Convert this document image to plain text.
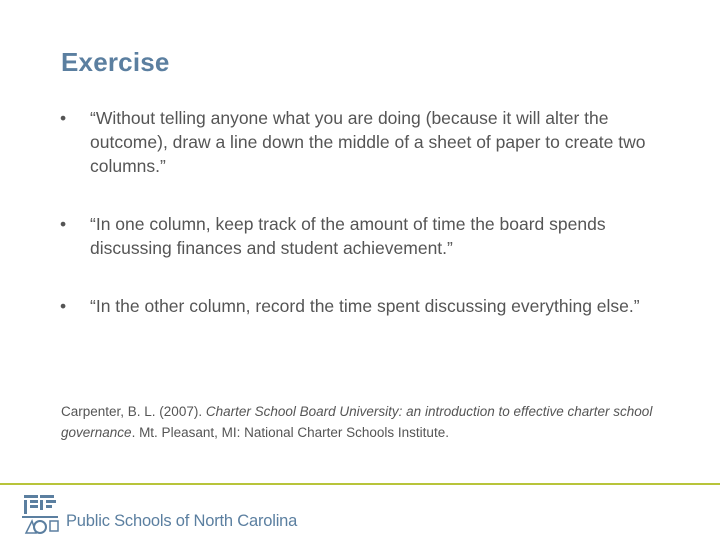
Exercise
•	“Without telling anyone what you are doing (because it will alter the outcome), draw a line down the middle of a sheet of paper to create two columns.”
•	“In one column, keep track of the amount of time the board spends discussing finances and student achievement.”
•	“In the other column, record the time spent discussing everything else.”
Carpenter, B. L. (2007). Charter School Board University: an introduction to effective charter school governance. Mt. Pleasant, MI: National Charter Schools Institute.
Public Schools of North Carolina
